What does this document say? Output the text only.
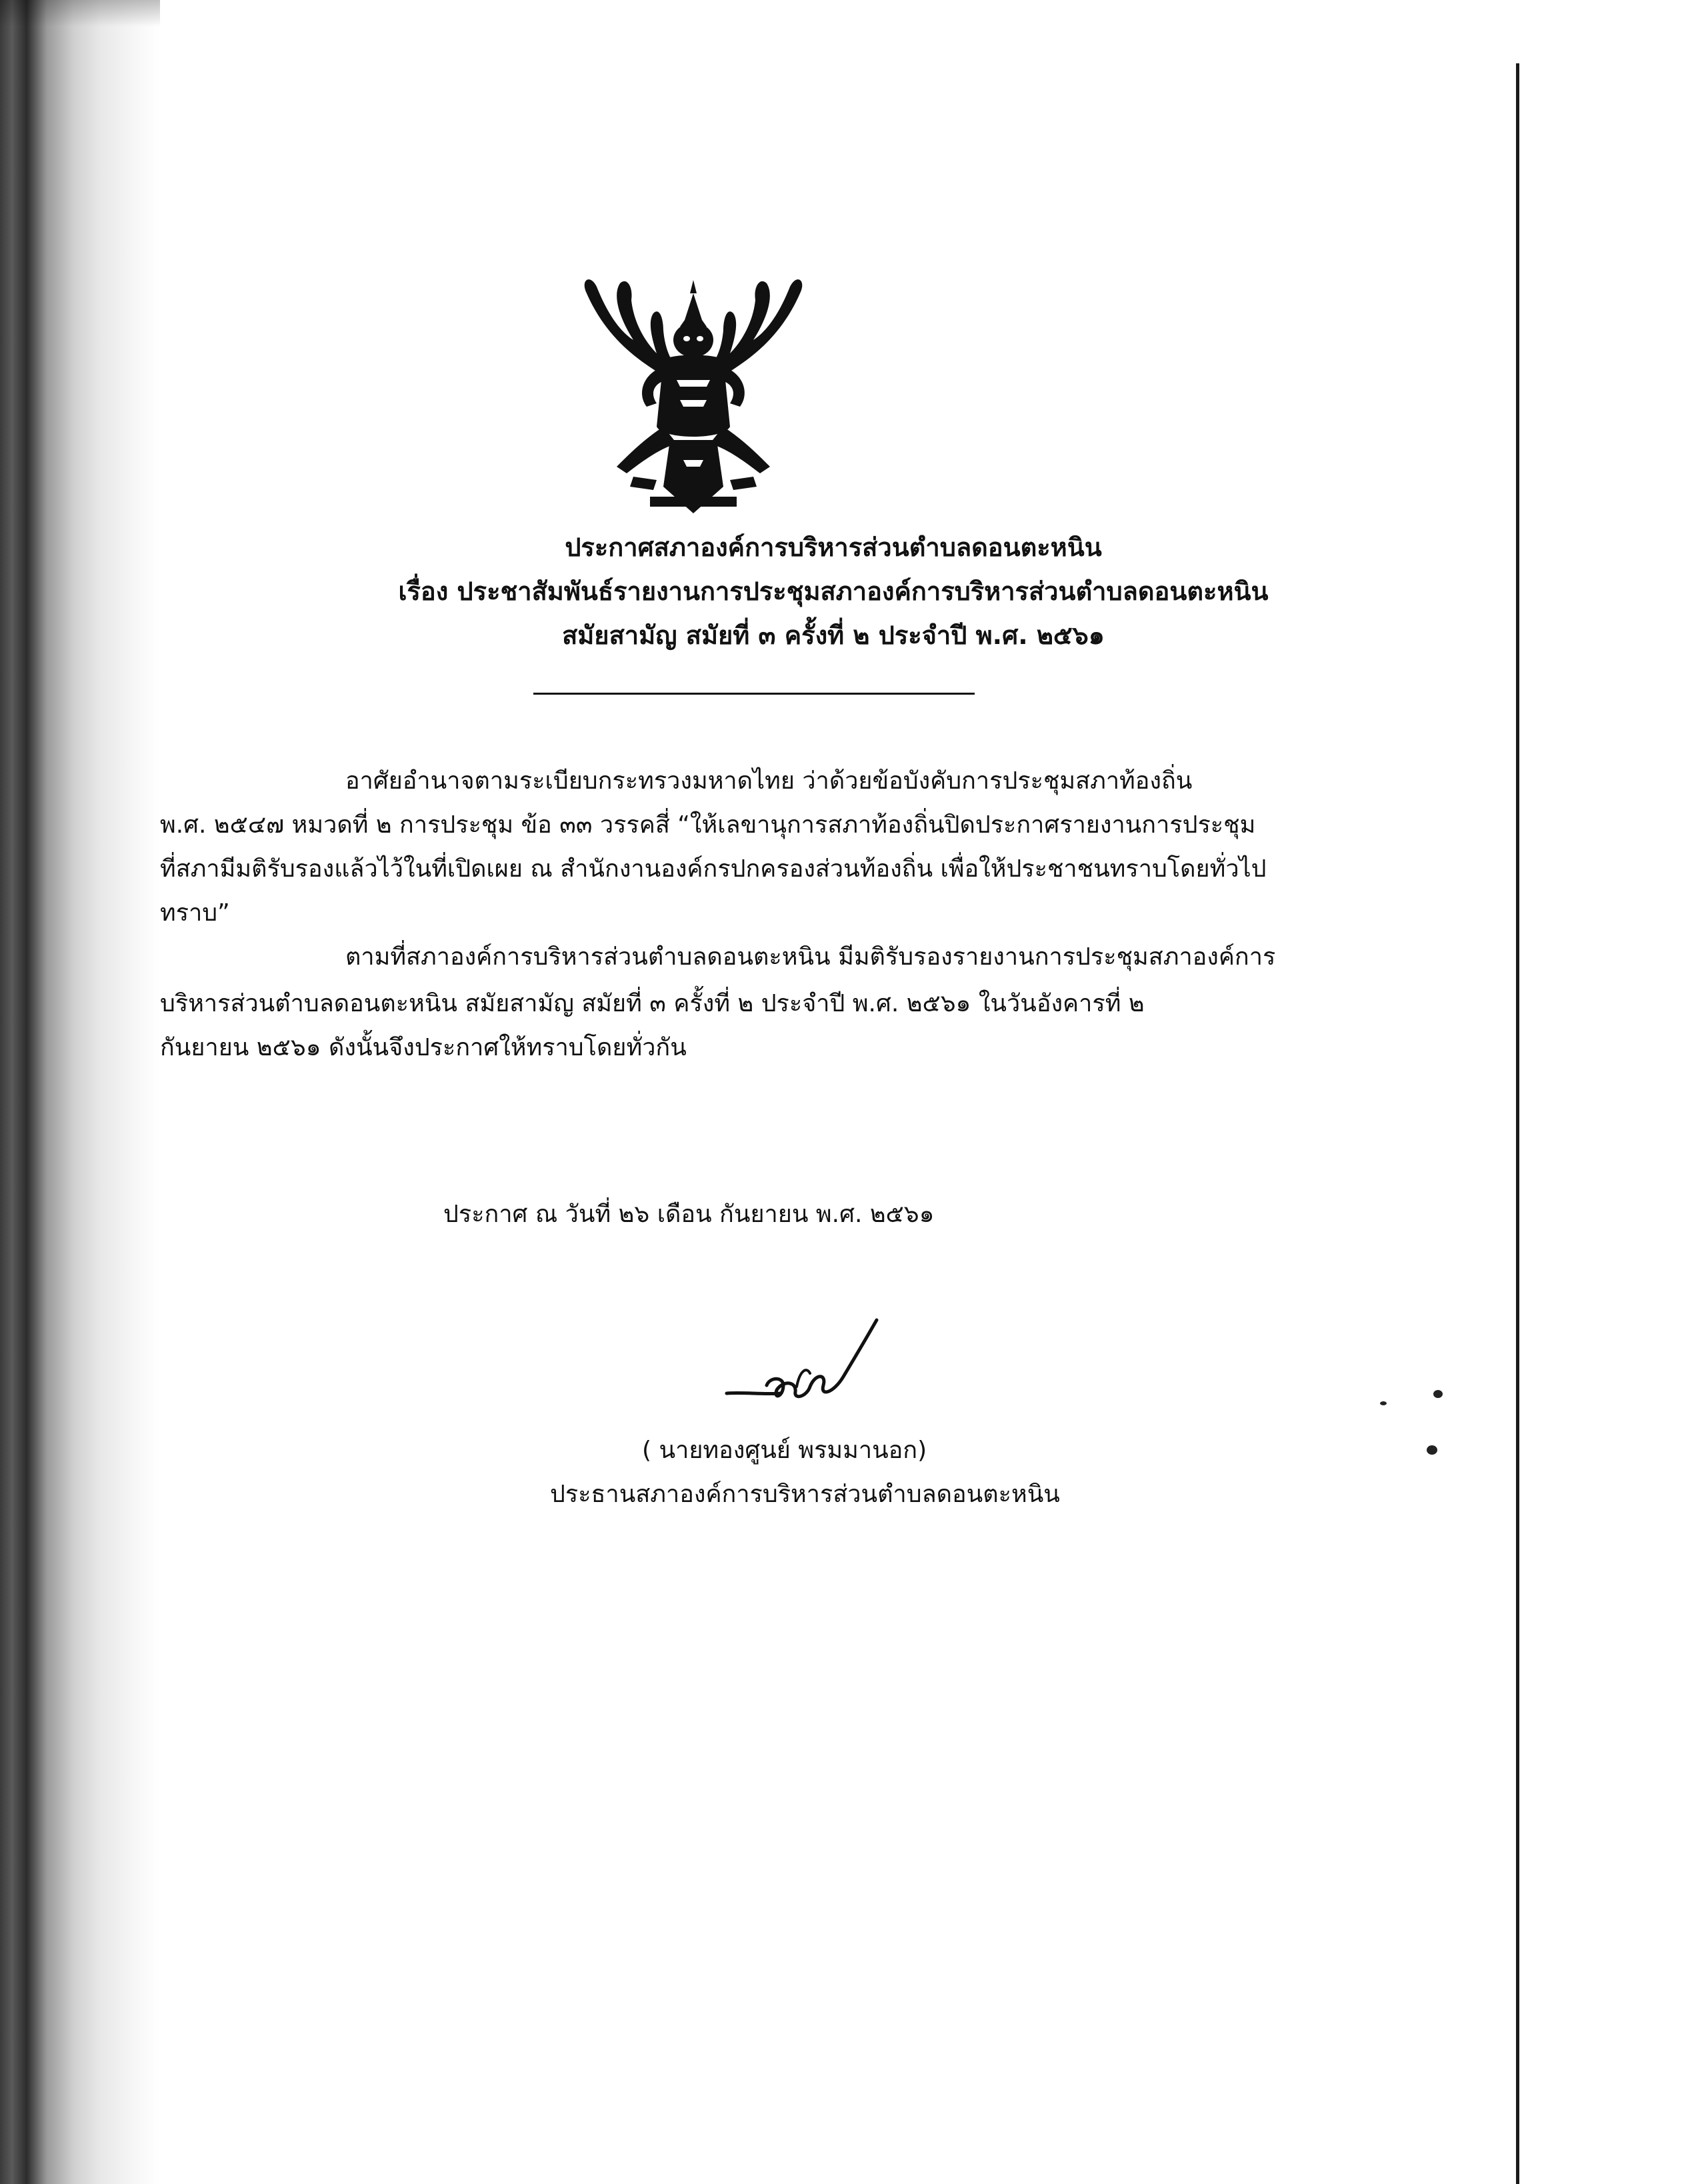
ประกาศสภาองค์การบริหารส่วนตำบลดอนตะหนิน
เรื่อง ประชาสัมพันธ์รายงานการประชุมสภาองค์การบริหารส่วนตำบลดอนตะหนิน
สมัยสามัญ สมัยที่ ๓ ครั้งที่ ๒ ประจำปี พ.ศ. ๒๕๖๑
อาศัยอำนาจตามระเบียบกระทรวงมหาดไทย ว่าด้วยข้อบังคับการประชุมสภาท้องถิ่น
พ.ศ. ๒๕๔๗ หมวดที่ ๒ การประชุม ข้อ ๓๓ วรรคสี่ “ให้เลขานุการสภาท้องถิ่นปิดประกาศรายงานการประชุม
ที่สภามีมติรับรองแล้วไว้ในที่เปิดเผย ณ สำนักงานองค์กรปกครองส่วนท้องถิ่น เพื่อให้ประชาชนทราบโดยทั่วไป
ทราบ”
ตามที่สภาองค์การบริหารส่วนตำบลดอนตะหนิน มีมติรับรองรายงานการประชุมสภาองค์การ
บริหารส่วนตำบลดอนตะหนิน สมัยสามัญ สมัยที่ ๓ ครั้งที่ ๒ ประจำปี พ.ศ. ๒๕๖๑ ในวันอังคารที่ ๒
กันยายน ๒๕๖๑ ดังนั้นจึงประกาศให้ทราบโดยทั่วกัน
ประกาศ ณ วันที่ ๒๖ เดือน กันยายน พ.ศ. ๒๕๖๑
( นายทองศูนย์ พรมมานอก)
ประธานสภาองค์การบริหารส่วนตำบลดอนตะหนิน
